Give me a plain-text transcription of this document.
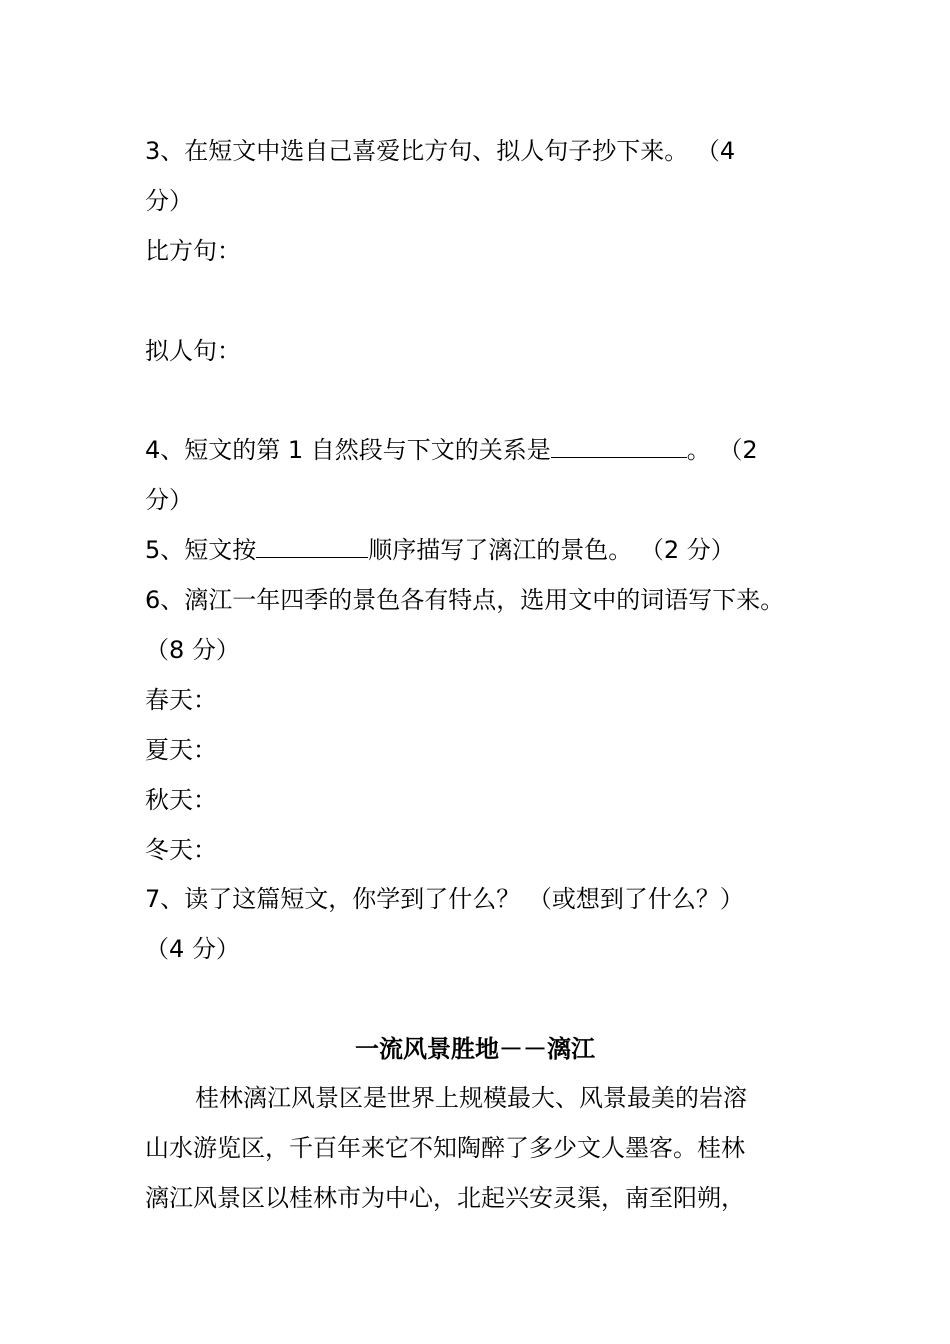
3、在短文中选自己喜爱比方句、拟人句子抄下来。 （4
分）
比方句：
拟人句：
4、短文的第 1 自然段与下文的关系是	。 （2
分）
5、短文按	顺序描写了漓江的景色。 （2 分）
6、漓江一年四季的景色各有特点，选用文中的词语写下来。
（8 分）
春天：
夏天：
秋天：
冬天：
7、读了这篇短文，你学到了什么？ （或想到了什么？）
（4 分）
一流风景胜地－－漓江
桂林漓江风景区是世界上规模最大、风景最美的岩溶
山水游览区，千百年来它不知陶醉了多少文人墨客。桂林
漓江风景区以桂林市为中心，北起兴安灵渠，南至阳朔，
